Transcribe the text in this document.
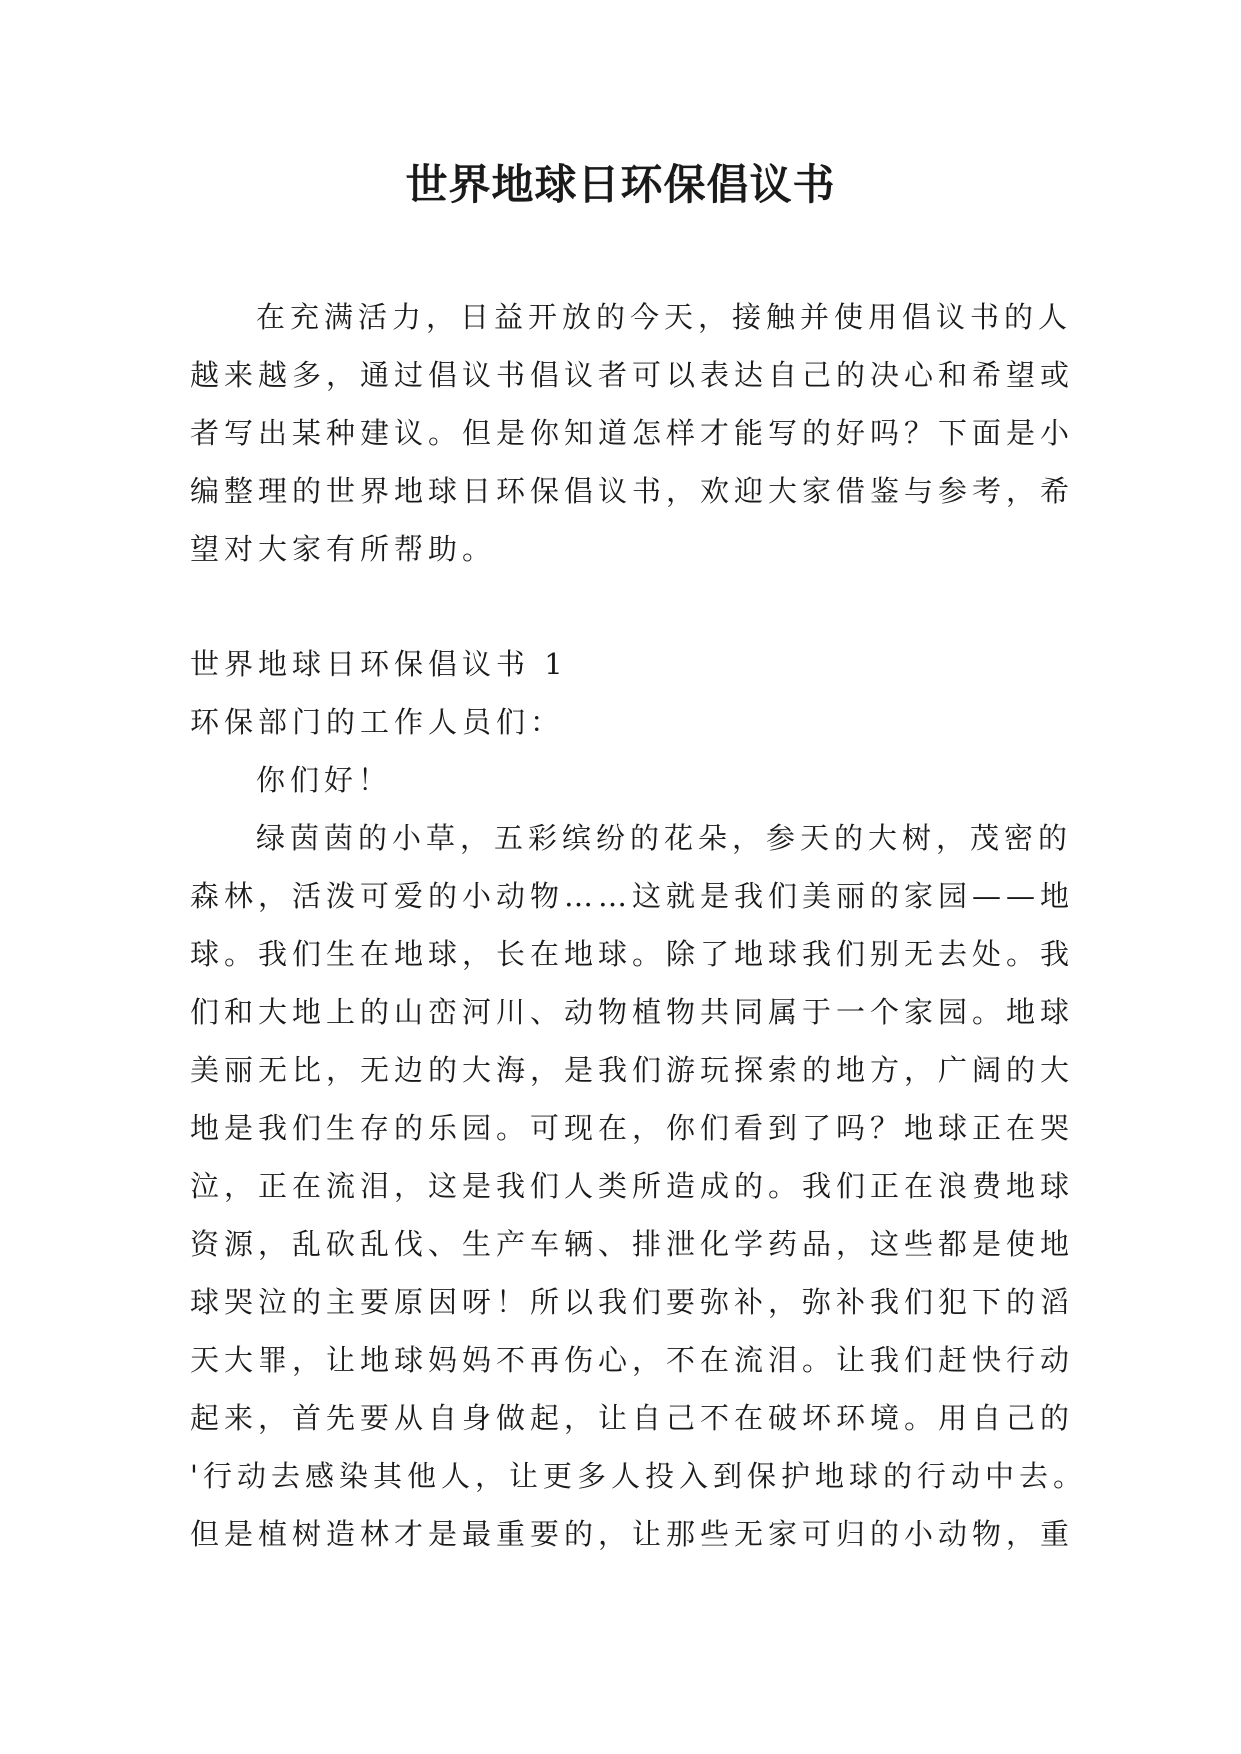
世界地球日环保倡议书
在充满活力，日益开放的今天，接触并使用倡议书的人
越来越多，通过倡议书倡议者可以表达自己的决心和希望或
者写出某种建议。但是你知道怎样才能写的好吗？下面是小
编整理的世界地球日环保倡议书，欢迎大家借鉴与参考，希
望对大家有所帮助。
世界地球日环保倡议书 1
环保部门的工作人员们：
你们好！
绿茵茵的小草，五彩缤纷的花朵，参天的大树，茂密的
森林，活泼可爱的小动物……这就是我们美丽的家园——地
球。我们生在地球，长在地球。除了地球我们别无去处。我
们和大地上的山峦河川、动物植物共同属于一个家园。地球
美丽无比，无边的大海，是我们游玩探索的地方，广阔的大
地是我们生存的乐园。可现在，你们看到了吗？地球正在哭
泣，正在流泪，这是我们人类所造成的。我们正在浪费地球
资源，乱砍乱伐、生产车辆、排泄化学药品，这些都是使地
球哭泣的主要原因呀！所以我们要弥补，弥补我们犯下的滔
天大罪，让地球妈妈不再伤心，不在流泪。让我们赶快行动
起来，首先要从自身做起，让自己不在破坏环境。用自己的
'行动去感染其他人，让更多人投入到保护地球的行动中去。
但是植树造林才是最重要的，让那些无家可归的小动物，重
